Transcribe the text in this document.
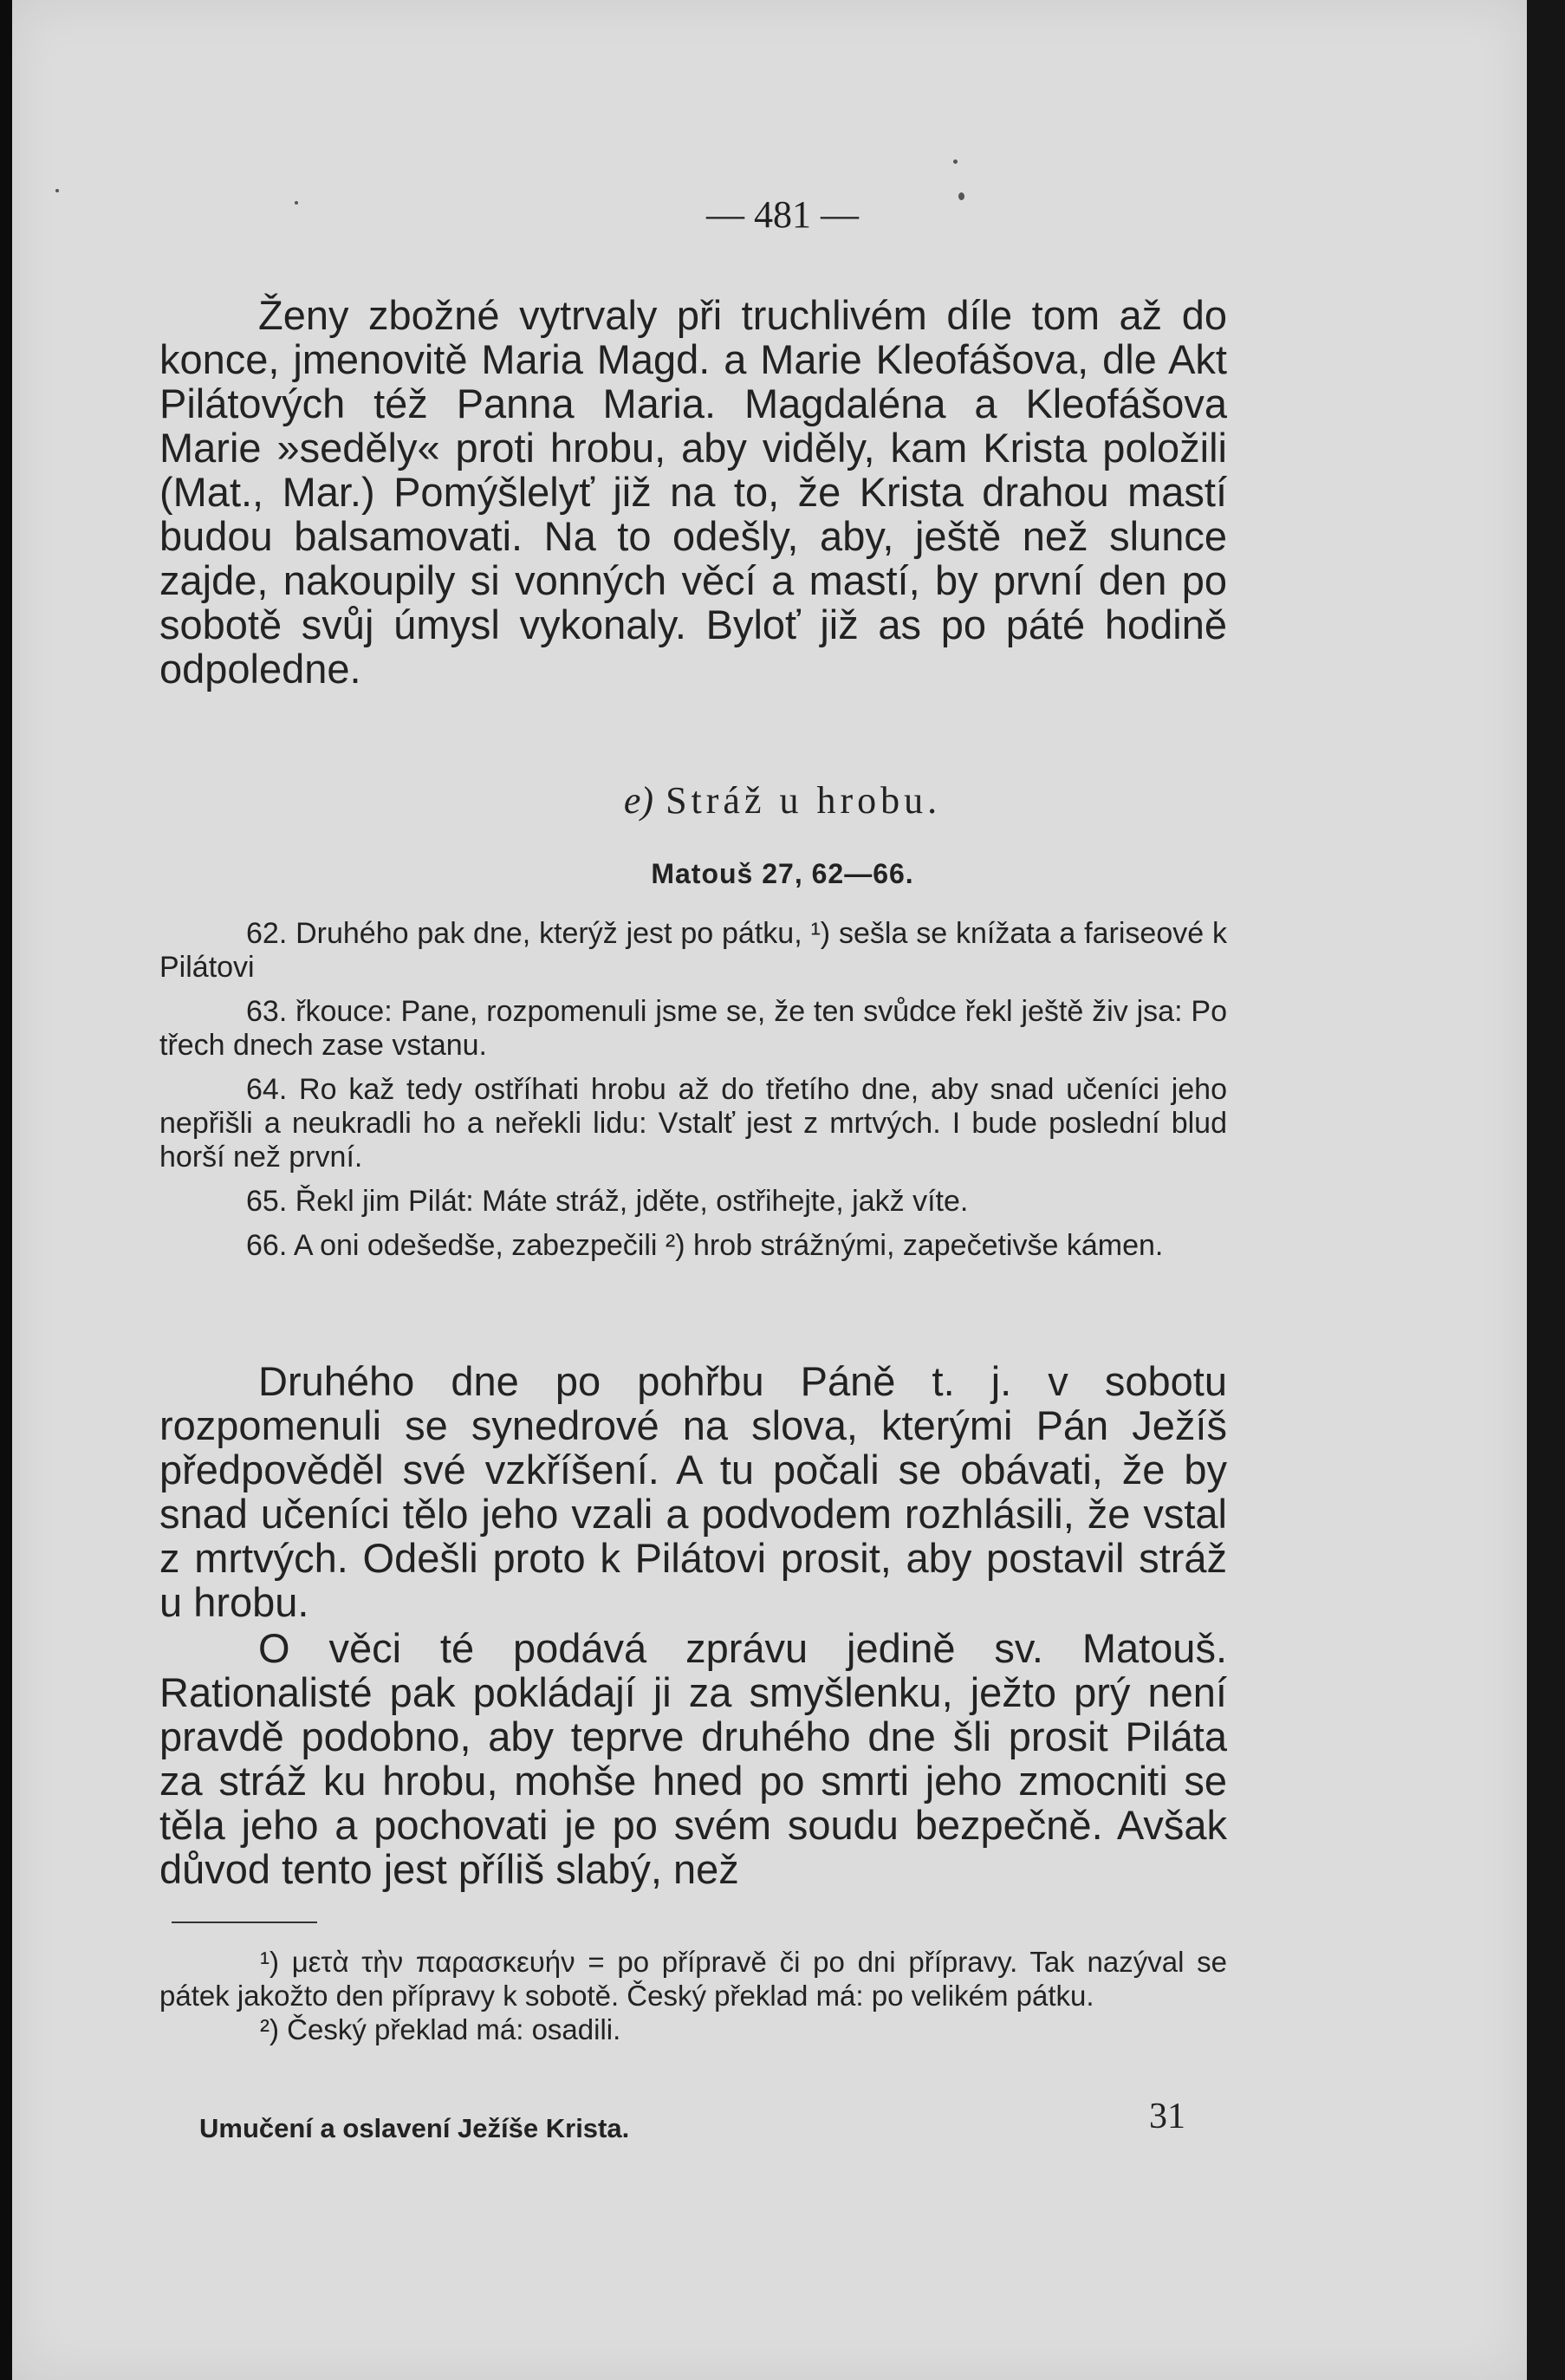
— 481 —

Ženy zbožné vytrvaly při truchlivém díle tom až do konce, jmenovitě Maria Magd. a Marie Kleofášova, dle Akt Pilátových též Panna Maria. Magdaléna a Kleofášova Marie »seděly« proti hrobu, aby viděly, kam Krista položili (Mat., Mar.) Pomýšlelyť již na to, že Krista drahou mastí budou balsamovati. Na to odešly, aby, ještě než slunce zajde, nakoupily si vonných věcí a mastí, by první den po sobotě svůj úmysl vykonaly. Byloť již as po páté hodině odpoledne.

e) Stráž u hrobu.
Matouš 27, 62—66.

62. Druhého pak dne, kterýž jest po pátku, ¹) sešla se knížata a fariseové k Pilátovi

63. řkouce: Pane, rozpomenuli jsme se, že ten svůdce řekl ještě živ jsa: Po třech dnech zase vstanu.

64. Ro kaž tedy ostříhati hrobu až do třetího dne, aby snad učeníci jeho nepřišli a neukradli ho a neřekli lidu: Vstalť jest z mrtvých. I bude poslední blud horší než první.

65. Řekl jim Pilát: Máte stráž, jděte, ostřihejte, jakž víte.

66. A oni odešedše, zabezpečili ²) hrob strážnými, zapečetivše kámen.

Druhého dne po pohřbu Páně t. j. v sobotu rozpomenuli se synedrové na slova, kterými Pán Ježíš předpověděl své vzkříšení. A tu počali se obávati, že by snad učeníci tělo jeho vzali a podvodem rozhlásili, že vstal z mrtvých. Odešli proto k Pilátovi prosit, aby postavil stráž u hrobu.

O věci té podává zprávu jedině sv. Matouš. Rationalisté pak pokládají ji za smyšlenku, ježto prý není pravdě podobno, aby teprve druhého dne šli prosit Piláta za stráž ku hrobu, mohše hned po smrti jeho zmocniti se těla jeho a pochovati je po svém soudu bezpečně. Avšak důvod tento jest příliš slabý, než

¹) μετὰ τὴν παρασκευήν = po přípravě či po dni přípravy. Tak nazýval se pátek jakožto den přípravy k sobotě. Český překlad má: po velikém pátku.

²) Český překlad má: osadili.

Umučení a oslavení Ježíše Krista.	31
